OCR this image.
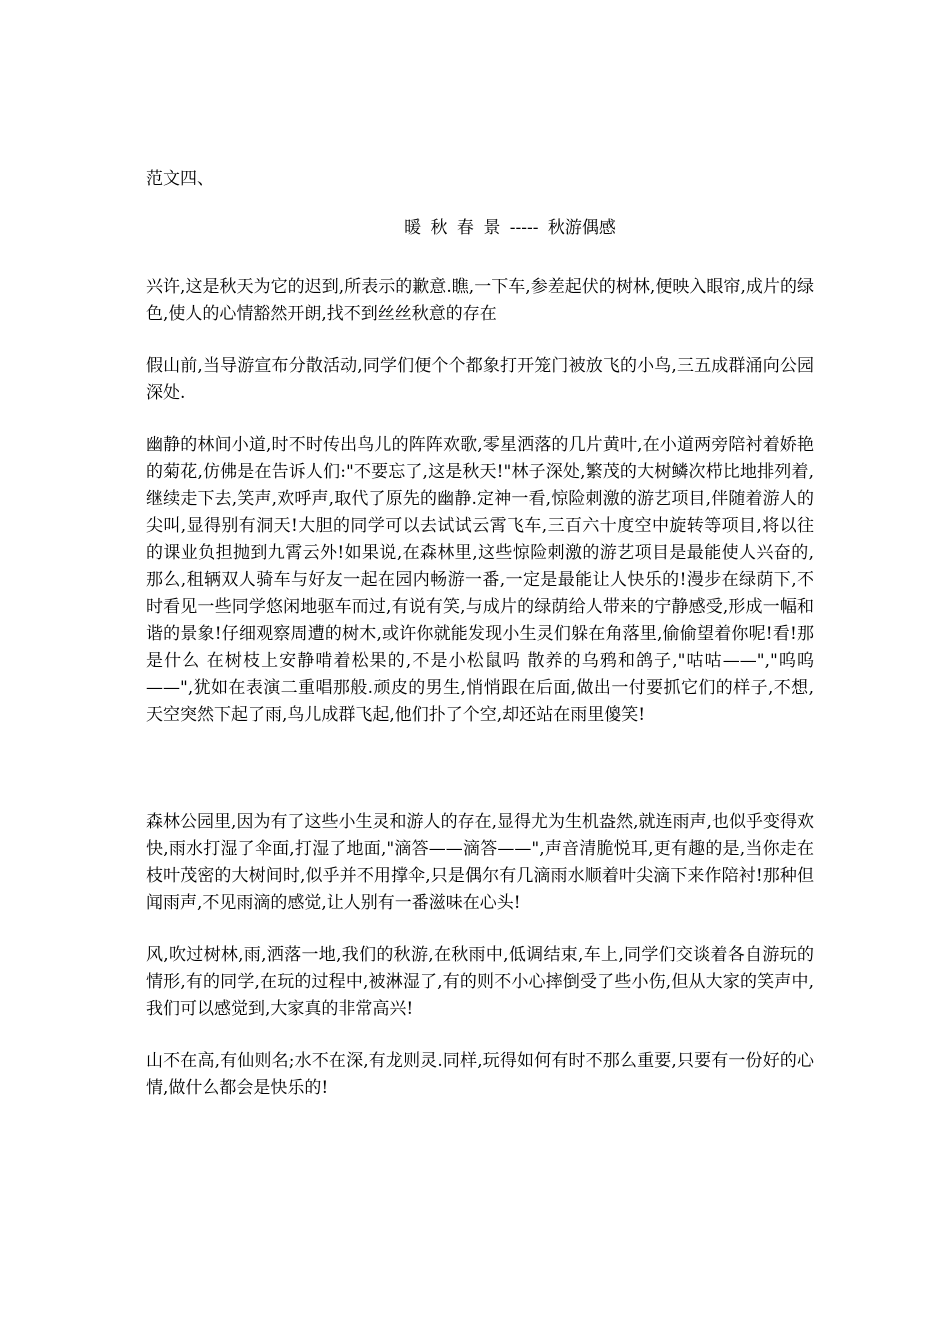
范文四、

暖 秋 春 景 ----- 秋游偶感

兴许,这是秋天为它的迟到,所表示的歉意.瞧,一下车,参差起伏的树林,便映入眼帘,成片的绿色,使人的心情豁然开朗,找不到丝丝秋意的存在

假山前,当导游宣布分散活动,同学们便个个都象打开笼门被放飞的小鸟,三五成群涌向公园深处.

幽静的林间小道,时不时传出鸟儿的阵阵欢歌,零星洒落的几片黄叶,在小道两旁陪衬着娇艳的菊花,仿佛是在告诉人们:"不要忘了,这是秋天!"林子深处,繁茂的大树鳞次栉比地排列着,继续走下去,笑声,欢呼声,取代了原先的幽静.定神一看,惊险刺激的游艺项目,伴随着游人的尖叫,显得别有洞天!大胆的同学可以去试试云霄飞车,三百六十度空中旋转等项目,将以往的课业负担抛到九霄云外!如果说,在森林里,这些惊险刺激的游艺项目是最能使人兴奋的,那么,租辆双人骑车与好友一起在园内畅游一番,一定是最能让人快乐的!漫步在绿荫下,不时看见一些同学悠闲地驱车而过,有说有笑,与成片的绿荫给人带来的宁静感受,形成一幅和谐的景象!仔细观察周遭的树木,或许你就能发现小生灵们躲在角落里,偷偷望着你呢!看!那是什么 在树枝上安静啃着松果的,不是小松鼠吗 散养的乌鸦和鸽子,"咕咕——","呜呜——",犹如在表演二重唱那般.顽皮的男生,悄悄跟在后面,做出一付要抓它们的样子,不想,天空突然下起了雨,鸟儿成群飞起,他们扑了个空,却还站在雨里傻笑!

森林公园里,因为有了这些小生灵和游人的存在,显得尤为生机盎然,就连雨声,也似乎变得欢快,雨水打湿了伞面,打湿了地面,"滴答——滴答——",声音清脆悦耳,更有趣的是,当你走在枝叶茂密的大树间时,似乎并不用撑伞,只是偶尔有几滴雨水顺着叶尖滴下来作陪衬!那种但闻雨声,不见雨滴的感觉,让人别有一番滋味在心头!

风,吹过树林,雨,洒落一地,我们的秋游,在秋雨中,低调结束,车上,同学们交谈着各自游玩的情形,有的同学,在玩的过程中,被淋湿了,有的则不小心摔倒受了些小伤,但从大家的笑声中,我们可以感觉到,大家真的非常高兴!

山不在高,有仙则名;水不在深,有龙则灵.同样,玩得如何有时不那么重要,只要有一份好的心情,做什么都会是快乐的!
